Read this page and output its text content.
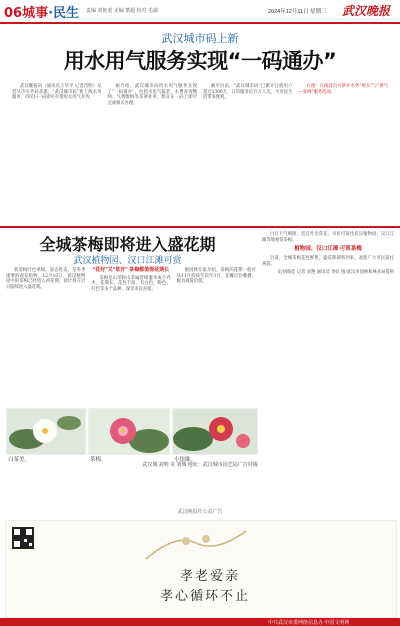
06城事·民生 责编 刘艳蕾 美编 董超 校对 毛敏	2024年12月11日 星期三 武汉晚报
武汉城市码上新
用水用气服务实现“一码通办”

武汉晚报讯（通讯员王华平 记者肖明）记者从市水务局获悉，“武汉城市码”新上线水务服务，市民扫一码即可办理用水用气业务。

据介绍，武汉城市码用水用气服务实现了“一码通办”，包括水电气报装、水费查询缴纳、气费缴纳等多项业务，群众在一码上即可完成相关办理。

截至目前，“武汉城市码”已累计注册用户超过1300万，日均服务近百万人次，为市民生活带来便利。

右图：在线首页可新开水务“用水”与“供气—张网”服务选项。

全城茶梅即将进入盛花期
武汉植物园、汉口江滩可赏

新茶梅叶色翠绿，姿态优美，是冬季重要的观花植物。12月10日，武汉植物园中的茶梅已经进入初花期，预计将在近日陆续进入盛花期。

“花好”又“常开” 茶梅都值得花期长

茶梅是山茶科山茶属常绿灌木或小乔木，花期长，花色丰富，有白色、粉色、红色等多个品种，深受市民喜爱。

据园林专家介绍，茶梅的花期一般可从11月持续至次年3月，花瓣层层叠叠，极具观赏价值。

白茶美。	茶梅。	小纽维。

白日天气晴朗，适宜外出赏花，市民可前往武汉植物园、汉口江滩等地观赏茶梅。

植物园、汉口江滩 可赏茶梅

目前，全城茶梅花色鲜艳，盛花期即将到来，欢迎广大市民前往观赏。

文/胡萌佳 记者 刘艳 通讯员 李虹 图/武汉市园林和林业局提供

武汉城 刘明 美 刘城 地址：武汉城市园艺局广告屏墙
武汉晚报社公益广告
孝老爱亲
孝心循环不止
中共武汉市委网络信息办 中国文明网
